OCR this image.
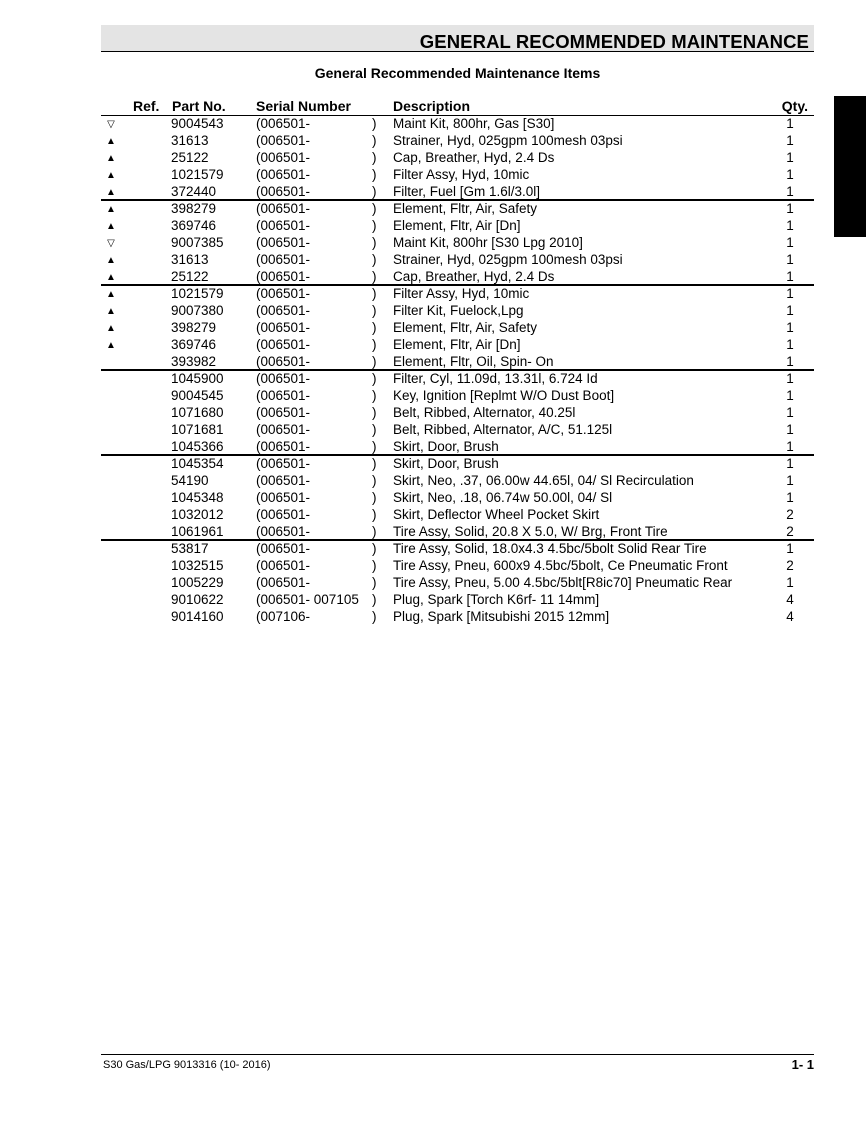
GENERAL RECOMMENDED MAINTENANCE
General Recommended Maintenance Items
Ref. Part No. Serial Number	Description	Qty.
▽	9004543 (006501-	) Maint Kit, 800hr, Gas [S30]	1
▲	31613	(006501-	) Strainer, Hyd, 025gpm 100mesh 03psi	1
▲	25122	(006501-	) Cap, Breather, Hyd, 2.4 Ds	1
▲	1021579 (006501-	) Filter Assy, Hyd, 10mic	1
▲	372440	(006501-	) Filter, Fuel [Gm 1.6l/3.0l]	1
▲	398279	(006501-	) Element, Fltr, Air, Safety	1
▲	369746	(006501-	) Element, Fltr, Air [Dn]	1
▽	9007385 (006501-	) Maint Kit, 800hr [S30 Lpg 2010]	1
▲	31613	(006501-	) Strainer, Hyd, 025gpm 100mesh 03psi	1
▲	25122	(006501-	) Cap, Breather, Hyd, 2.4 Ds	1
▲	1021579 (006501-	) Filter Assy, Hyd, 10mic	1
▲	9007380 (006501-	) Filter Kit, Fuelock,Lpg	1
▲	398279	(006501-	) Element, Fltr, Air, Safety	1
▲	369746	(006501-	) Element, Fltr, Air [Dn]	1
393982	(006501-	) Element, Fltr, Oil, Spin- On	1
1045900 (006501-	) Filter, Cyl, 11.09d, 13.31l, 6.724 Id	1
9004545 (006501-	) Key, Ignition [Replmt W/O Dust Boot]	1
1071680 (006501-	) Belt, Ribbed, Alternator, 40.25l	1
1071681 (006501-	) Belt, Ribbed, Alternator, A/C, 51.125l	1
1045366 (006501-	) Skirt, Door, Brush	1
1045354 (006501-	) Skirt, Door, Brush	1
54190	(006501-	) Skirt, Neo, .37, 06.00w 44.65l, 04/ Sl Recirculation	1
1045348 (006501-	) Skirt, Neo, .18, 06.74w 50.00l, 04/ Sl	1
1032012 (006501-	) Skirt, Deflector Wheel Pocket Skirt	2
1061961 (006501-	) Tire Assy, Solid, 20.8 X 5.0, W/ Brg, Front Tire	2
53817	(006501-	) Tire Assy, Solid, 18.0x4.3 4.5bc/5bolt Solid Rear Tire	1
1032515 (006501-	) Tire Assy, Pneu, 600x9 4.5bc/5bolt, Ce Pneumatic Front	2
1005229 (006501-	) Tire Assy, Pneu, 5.00 4.5bc/5blt[R8ic70] Pneumatic Rear	1
9010622 (006501- 007105 ) Plug, Spark [Torch K6rf- 11 14mm]	4
9014160 (007106-	) Plug, Spark [Mitsubishi 2015 12mm]	4
S30 Gas/LPG 9013316 (10- 2016)	1- 1
